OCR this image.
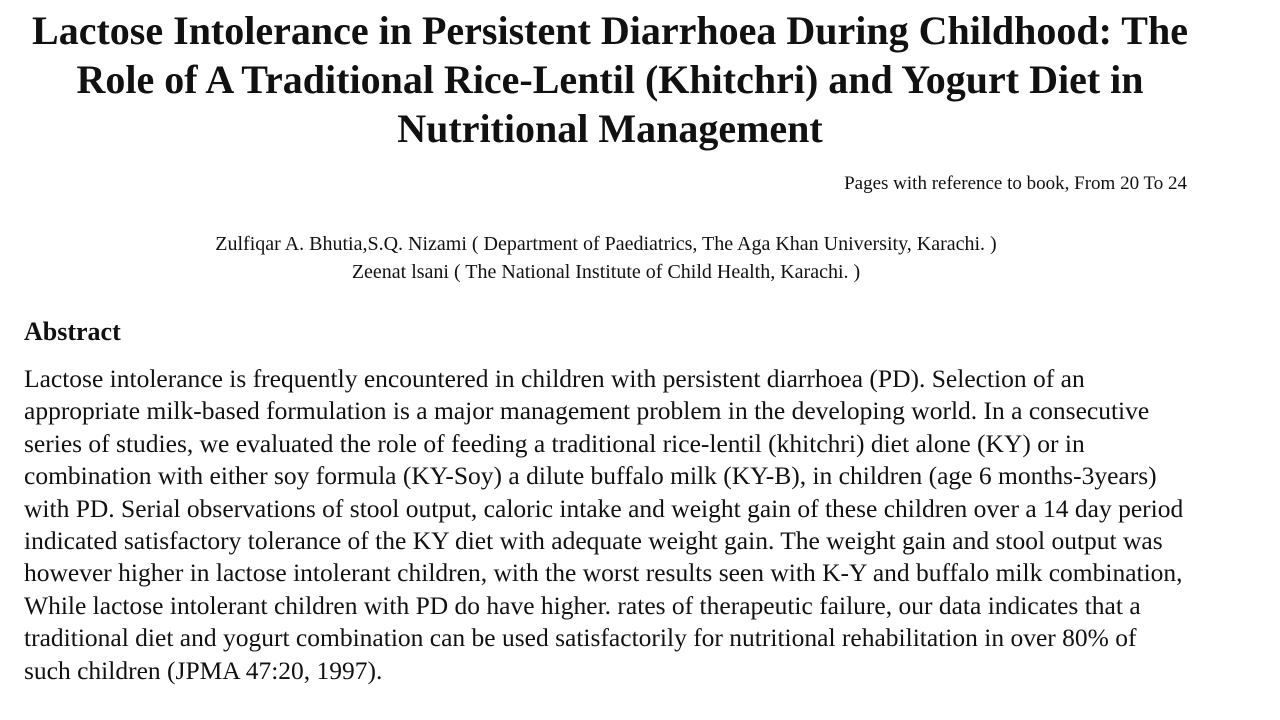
Lactose Intolerance in Persistent Diarrhoea During Childhood: The Role of A Traditional Rice-Lentil (Khitchri) and Yogurt Diet in Nutritional Management

Pages with reference to book, From 20 To 24

Zulfiqar A. Bhutia,S.Q. Nizami ( Department of Paediatrics, The Aga Khan University, Karachi. )
Zeenat lsani ( The National Institute of Child Health, Karachi. )
Abstract

Lactose intolerance is frequently encountered in children with persistent diarrhoea (PD). Selection of an appropriate milk-based formulation is a major management problem in the developing world. In a consecutive series of studies, we evaluated the role of feeding a traditional rice-lentil (khitchri) diet alone (KY) or in combination with either soy formula (KY-Soy) a dilute buffalo milk (KY-B), in children (age 6 months-3years) with PD. Serial observations of stool output, caloric intake and weight gain of these children over a 14 day period indicated satisfactory tolerance of the KY diet with adequate weight gain. The weight gain and stool output was however higher in lactose intolerant children, with the worst results seen with K-Y and buffalo milk combination, While lactose intolerant children with PD do have higher. rates of therapeutic failure, our data indicates that a traditional diet and yogurt combination can be used satisfactorily for nutritional rehabilitation in over 80% of such children (JPMA 47:20, 1997).
